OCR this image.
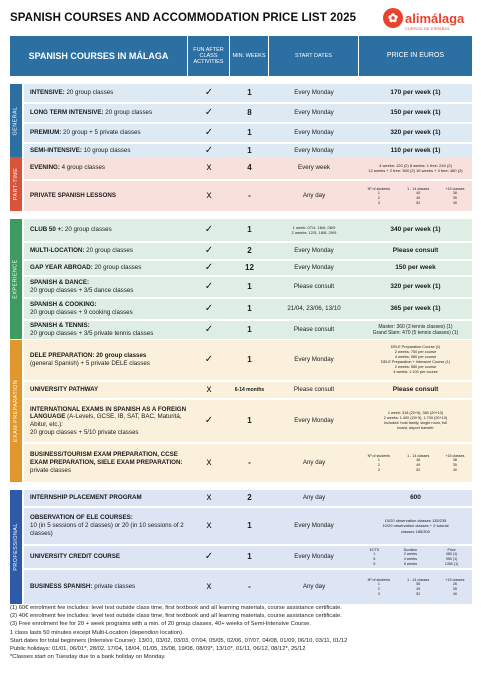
SPANISH COURSES AND ACCOMMODATION PRICE LIST 2025	✿ alimálaga
CURSOS DE ESPAÑOL
SPANISH COURSES IN MÁLAGA
FUN AFTER CLASS ACTIVITIES
MIN. WEEKS	START DATES	PRICE IN EUROS
GENERAL
INTENSIVE: 20 group classes	✓	1	Every Monday	170 per week (1)
LONG TERM INTENSIVE: 20 group classes	✓	8	Every Monday	150 per week (1)
PREMIUM: 20 group + 5 private classes	✓	1	Every Monday	320 per week (1)
SEMI-INTENSIVE: 10 group classes	✓	1	Every Monday	110 per week (1)
PART-TIME
EVENING: 4 group classes	x	4	Every week	4 weeks: 120 (2) 8 weeks: 1 free: 240 (2)
12 weeks + 2 free: 360 (2) 16 weeks + 3 free: 480 (2)
PRIVATE SPANISH LESSONS	x	-	Any day
Nº of students	1 - 14 classes	+15 classes
1	40	38
2	49	35
3	52	40
EXPERIENCE
CLUB 50 +: 20 group classes	✓	1	1 week: 07/4, 16/6, 08/9
2 weeks: 12/5, 18/8, 29/9	340 per week (1)
MULTI-LOCATION: 20 group classes	✓	2	Every Monday	Please consult
GAP YEAR ABROAD: 20 group classes	✓	12	Every Monday	150 per week
SPANISH & DANCE:
20 group classes + 3/5 dance classes	✓	1	Please consult	320 per week (1)
SPANISH & COOKING:
20 group classes + 9 cooking classes	✓	1	21/04, 23/06, 13/10	365 per week (1)
SPANISH & TENNIS:
20 group classes + 3/5 private tennis classes	✓	1	Please consult	Master: 360 (3 tennis classes) (1)
Grand Slam: 470 (5 tennis classes) (1)
EXAM PREPARATION
DELE PREPARATION: 20 group classes
(general Spanish) + 5 private DELE classes	✓	1	Every Monday
DELE Preparation Course (1)
2 weeks: 750 per course
4 weeks: 980 per course
DELE Preparation + Intensive Course (1)
2 weeks: 580 per course
4 weeks: 1.100 per course
UNIVERSITY PATHWAY	x	6-14 months	Please consult	Please consult
INTERNATIONAL EXAMS IN SPANISH AS A FOREIGN LANGUAGE (A-Levels, GCSE, IB, SAT, BAC, Maturitá, Abitur, etc.):
20 group classes + 5/10 private classes
✓	1	Every Monday
1 week: 318 (20+5), 380 (20+10)
2 weeks: 1.400 (20+5), 1.700 (20+10)
Included: host family, single room, full
board, airport transfer
BUSINESS/TOURISM EXAM PREPARATION, CCSE EXAM PREPARATION, SIELE EXAM PREPARATION: private classes
x	-	Any day
Nº of students	1 - 14 classes	+15 classes
1	46	38
2	49	35
3	52	40
PROFESSIONAL
INTERNSHIP PLACEMENT PROGRAM	x	2	Any day	600
OBSERVATION OF ELE COURSES:
10 (in 5 sessions of 2 classes) or 20 (in 10 sessions of 2 classes)
x	1	Every Monday
10/20 observation classes 135/235
10/20 observation classes + 2 tutorial
classes 185/300
UNIVERSITY CREDIT COURSE	✓	1	Every Monday
ECTS	Duration	Price
1	2 weeks	480 (1)
6	4 weeks	950 (1)
9	6 weeks	1350 (1)
BUSINESS SPANISH: private classes	x	-	Any day
Nº of students	1 - 14 classes	+15 classes
1	55	26
2	49	35
3	52	40
(1) 60€ enrolment fee includes: level test outside class time, first textbook and all learning materials, course assistance certificate.
(2) 40€ enrolment fee includes: level test outside class time, first textbook and all learning materials, course assistance certificate.
(3) Free enrolment fee for 20 + week programs with a min. of 20 group classes, 40+ weeks of Semi-Intensive Course.
1 class lasts 50 minutes except Multi-Location (dependion location).
Start dates for total beginners (Intensive Course): 13/01, 03/02, 03/03, 07/04, 05/05, 02/06, 07/07, 04/08, 01/09, 06/10, 03/11, 01/12
Public holidays: 01/01, 06/01*, 28/02, 17/04, 18/04, 01/05, 15/08, 19/08, 08/09*, 13/10*, 01/11, 06/12, 08/12*, 25/12
*Classes start on Tuesday due to a bank holiday on Monday.
